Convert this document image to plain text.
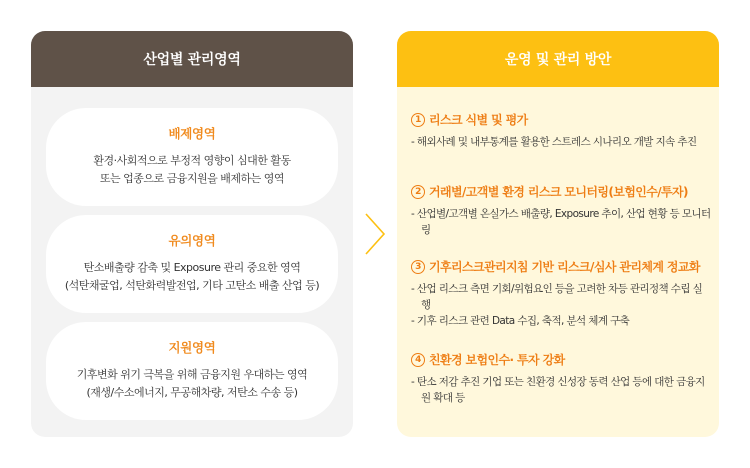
산업별 관리영역
배제영역
환경·사회적으로 부정적 영향이 심대한 활동
또는 업종으로 금융지원을 배제하는 영역
유의영역
탄소배출량 감축 및 Exposure 관리 중요한 영역
(석탄채굴업, 석탄화력발전업, 기타 고탄소 배출 산업 등)
지원영역
기후변화 위기 극복을 위해 금융지원 우대하는 영역
(재생/수소에너지, 무공해차량, 저탄소 수송 등)
운영 및 관리 방안
1 리스크 식별 및 평가
- 해외사례 및 내부통계를 활용한 스트레스 시나리오 개발 지속 추진
2 거래별/고객별 환경 리스크 모니터링(보험인수/투자)
- 산업별/고객별 온실가스 배출량, Exposure 추이, 산업 현황 등 모니터링
3 기후리스크관리지침 기반 리스크/심사 관리체계 정교화
- 산업 리스크 측면 기회/위험요인 등을 고려한 차등 관리정책 수립 실행
- 기후 리스크 관련 Data 수집, 축적, 분석 체계 구축
4 친환경 보험인수· 투자 강화
- 탄소 저감 추진 기업 또는 친환경 신성장 동력 산업 등에 대한 금융지원 확대 등
